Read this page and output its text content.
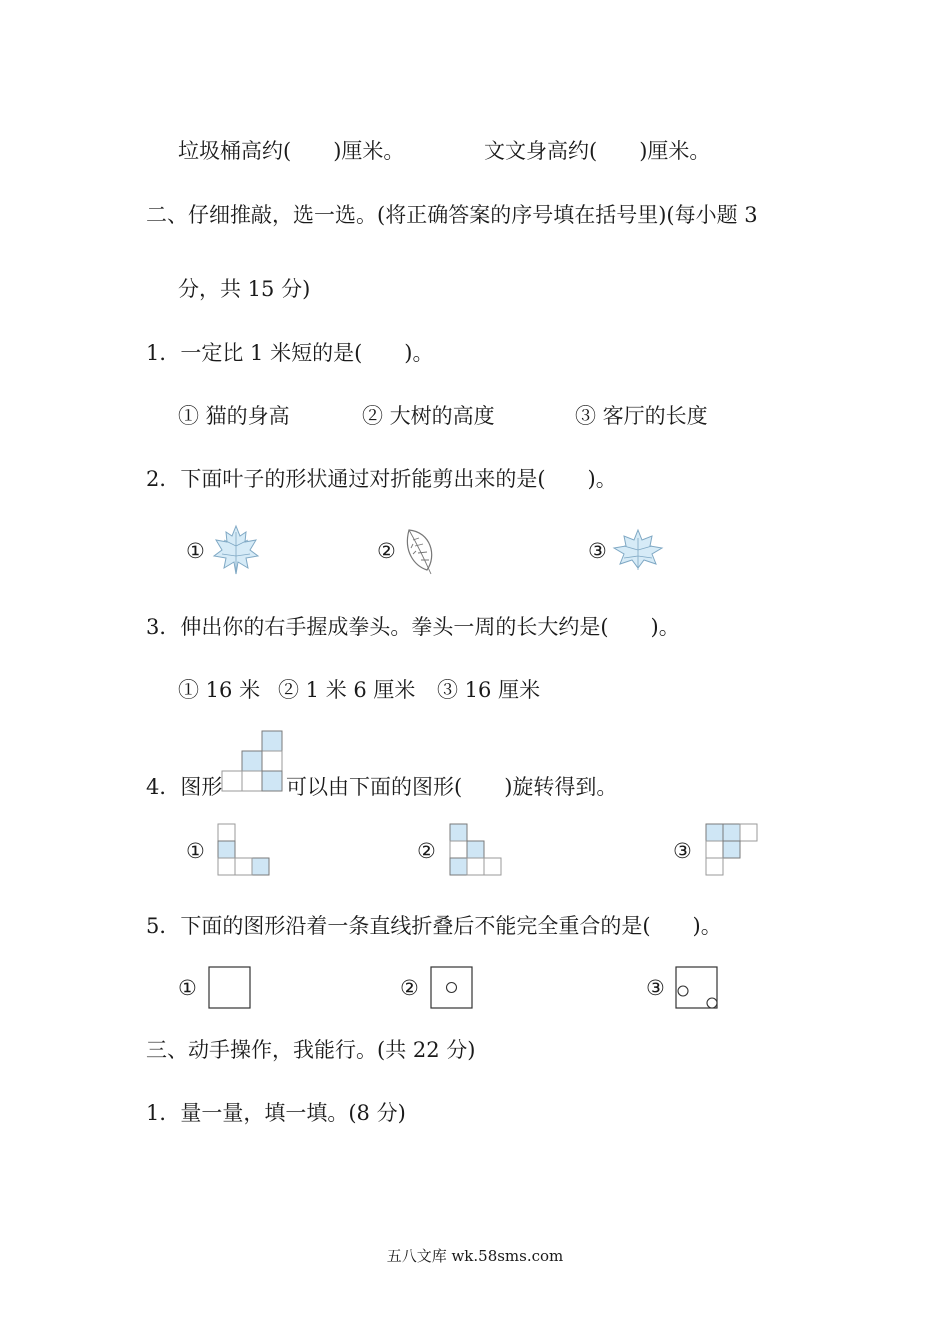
垃圾桶高约(　　)厘米。	文文身高约(　　)厘米。
二、仔细推敲，选一选。(将正确答案的序号填在括号里)(每小题 3
分，共 15 分)
1．一定比 1 米短的是(　　)。
① 猫的身高	② 大树的高度	③ 客厅的长度
2．下面叶子的形状通过对折能剪出来的是(　　)。
①	②	③
3．伸出你的右手握成拳头。拳头一周的长大约是(　　)。
① 16 米 ② 1 米 6 厘米 ③ 16 厘米
4．图形	可以由下面的图形(　　)旋转得到。
①	②	③
5．下面的图形沿着一条直线折叠后不能完全重合的是(　　)。
①	②	③
三、动手操作，我能行。(共 22 分)
1．量一量，填一填。(8 分)
五八文库 wk.58sms.com
